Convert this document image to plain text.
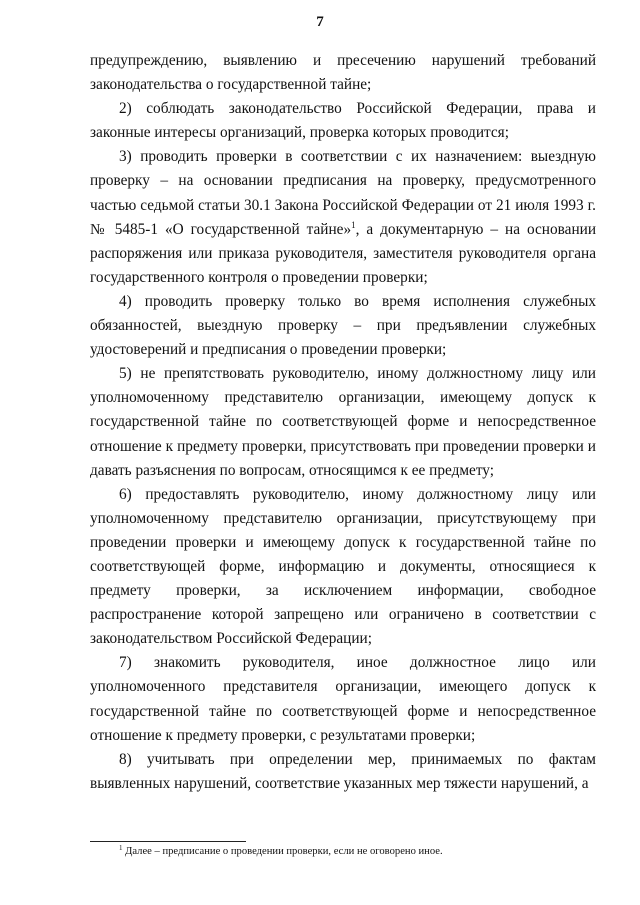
7

предупреждению, выявлению и пресечению нарушений требований законодательства о государственной тайне;

2) соблюдать законодательство Российской Федерации, права и законные интересы организаций, проверка которых проводится;

3) проводить проверки в соответствии с их назначением: выездную проверку – на основании предписания на проверку, предусмотренного частью седьмой статьи 30.1 Закона Российской Федерации от 21 июля 1993 г. № 5485-1 «О государственной тайне»$^1$, а документарную – на основании распоряжения или приказа руководителя, заместителя руководителя органа государственного контроля о проведении проверки;

4) проводить проверку только во время исполнения служебных обязанностей, выездную проверку – при предъявлении служебных удостоверений и предписания о проведении проверки;

5) не препятствовать руководителю, иному должностному лицу или уполномоченному представителю организации, имеющему допуск к государственной тайне по соответствующей форме и непосредственное отношение к предмету проверки, присутствовать при проведении проверки и давать разъяснения по вопросам, относящимся к ее предмету;

6) предоставлять руководителю, иному должностному лицу или уполномоченному представителю организации, присутствующему при проведении проверки и имеющему допуск к государственной тайне по соответствующей форме, информацию и документы, относящиеся к предмету проверки, за исключением информации, свободное распространение которой запрещено или ограничено в соответствии с законодательством Российской Федерации;

7) знакомить руководителя, иное должностное лицо или уполномоченного представителя организации, имеющего допуск к государственной тайне по соответствующей форме и непосредственное отношение к предмету проверки, с результатами проверки;

8) учитывать при определении мер, принимаемых по фактам выявленных нарушений, соответствие указанных мер тяжести нарушений, а

$^1$ Далее – предписание о проведении проверки, если не оговорено иное.
